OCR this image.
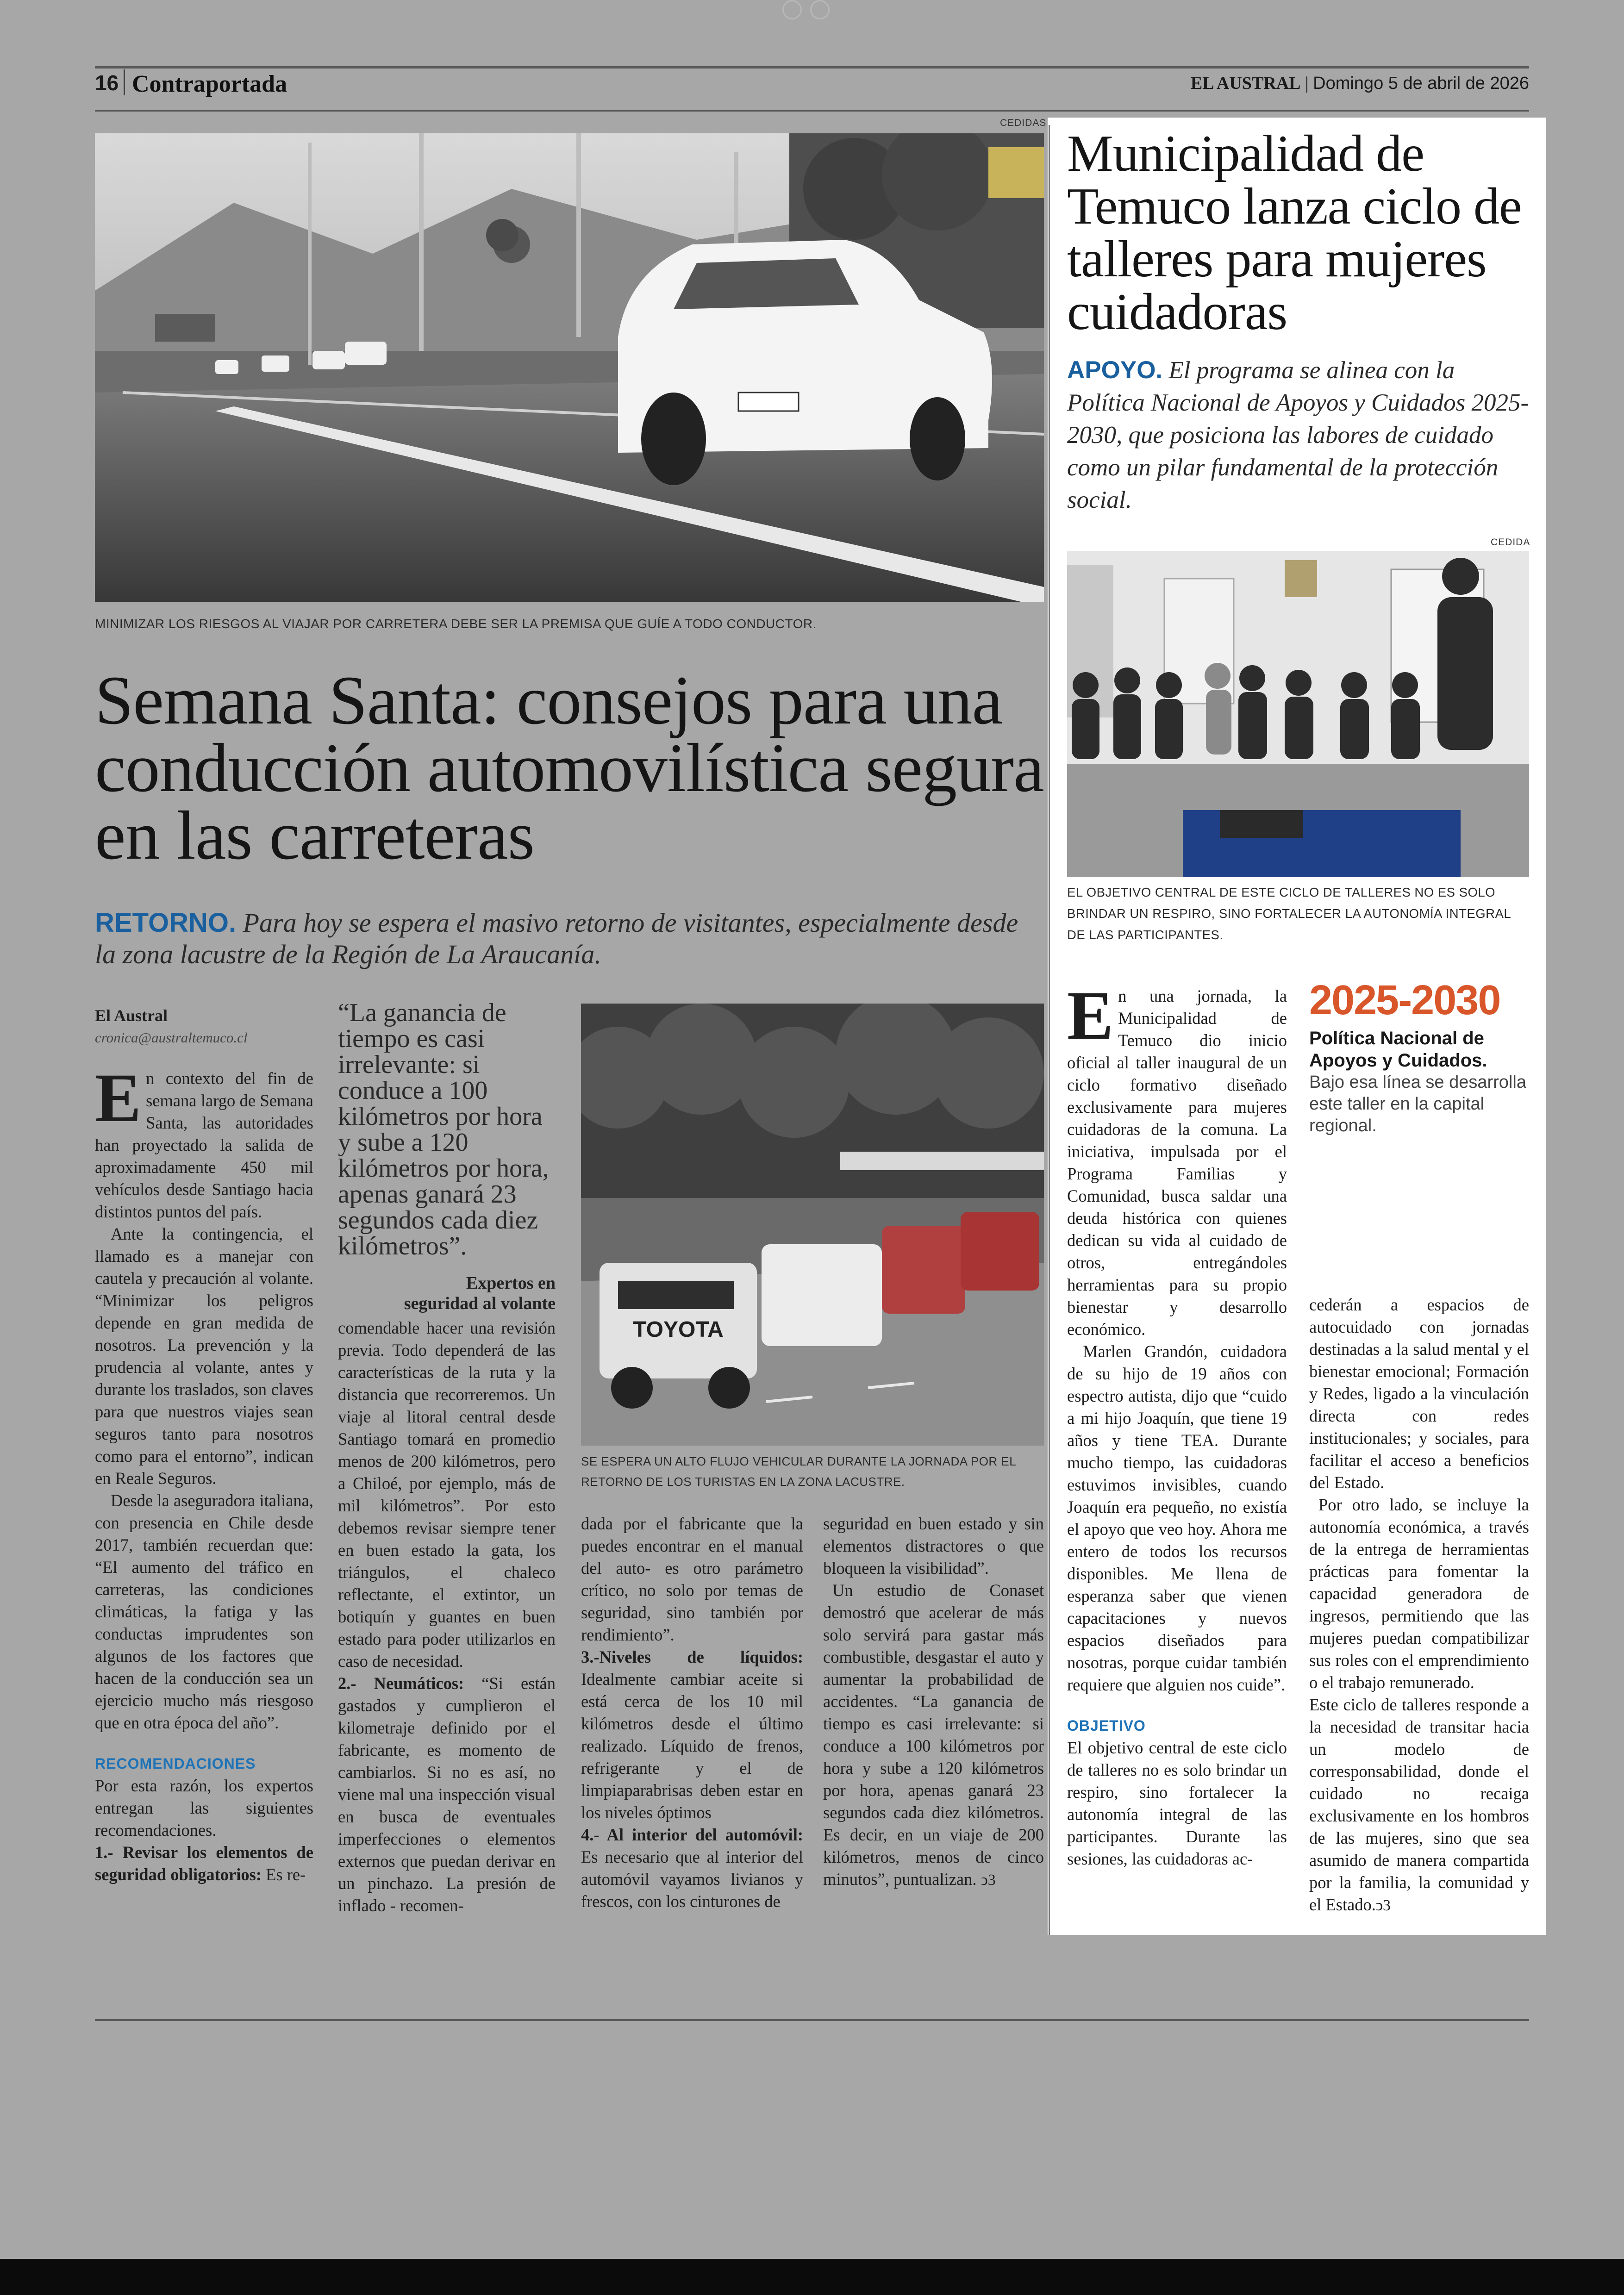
16 Contraportada	EL AUSTRAL | Domingo 5 de abril de 2026
CEDIDAS
MINIMIZAR LOS RIESGOS AL VIAJAR POR CARRETERA DEBE SER LA PREMISA QUE GUÍE A TODO CONDUCTOR.
Semana Santa: consejos para una conducción automovilística segura en las carreteras
RETORNO. Para hoy se espera el masivo retorno de visitantes, especialmente desde la zona lacustre de la Región de La Araucanía.

El Austral

cronica@australtemuco.cl

En contexto del fin de semana largo de Semana Santa, las autoridades han proyectado la salida de aproximadamente 450 mil vehículos desde Santiago hacia distintos puntos del país.

Ante la contingencia, el llamado es a manejar con cautela y precaución al volante. “Minimizar los peligros depende en gran medida de nosotros. La prevención y la prudencia al volante, antes y durante los traslados, son claves para que nuestros viajes sean seguros tanto para nosotros como para el entorno”, indican en Reale Seguros.

Desde la aseguradora italiana, con presencia en Chile desde 2017, también recuerdan que: “El aumento del tráfico en carreteras, las condiciones climáticas, la fatiga y las conductas imprudentes son algunos de los factores que hacen de la conducción sea un ejercicio mucho más riesgoso que en otra época del año”.

RECOMENDACIONES

Por esta razón, los expertos entregan las siguientes recomendaciones.

1.- Revisar los elementos de seguridad obligatorios: Es re-

“La ganancia de tiempo es casi irrelevante: si conduce a 100 kilómetros por hora y sube a 120 kilómetros por hora, apenas ganará 23 segundos cada diez kilómetros”.
Expertos en
seguridad al volante

comendable hacer una revisión previa. Todo dependerá de las características de la ruta y la distancia que recorreremos. Un viaje al litoral central desde Santiago tomará en promedio menos de 200 kilómetros, pero a Chiloé, por ejemplo, más de mil kilómetros”. Por esto debemos revisar siempre tener en buen estado la gata, los triángulos, el chaleco reflectante, el extintor, un botiquín y guantes en buen estado para poder utilizarlos en caso de necesidad.

2.- Neumáticos: “Si están gastados y cumplieron el kilometraje definido por el fabricante, es momento de cambiarlos. Si no es así, no viene mal una inspección visual en busca de eventuales imperfecciones o elementos externos que puedan derivar en un pinchazo. La presión de inflado - recomen-

TOYOTA
SE ESPERA UN ALTO FLUJO VEHICULAR DURANTE LA JORNADA POR EL RETORNO DE LOS TURISTAS EN LA ZONA LACUSTRE.

dada por el fabricante que la puedes encontrar en el manual del auto- es otro parámetro crítico, no solo por temas de seguridad, sino también por rendimiento”.

3.-Niveles de líquidos: Idealmente cambiar aceite si está cerca de los 10 mil kilómetros desde el último realizado. Líquido de frenos, refrigerante y el de limpiaparabrisas deben estar en los niveles óptimos

4.- Al interior del automóvil: Es necesario que al interior del automóvil vayamos livianos y frescos, con los cinturones de

seguridad en buen estado y sin elementos distractores o que bloqueen la visibilidad”.

Un estudio de Conaset demostró que acelerar de más solo servirá para gastar más combustible, desgastar el auto y aumentar la probabilidad de accidentes. “La ganancia de tiempo es casi irrelevante: si conduce a 100 kilómetros por hora y sube a 120 kilómetros por hora, apenas ganará 23 segundos cada diez kilómetros. Es decir, en un viaje de 200 kilómetros, menos de cinco minutos”, puntualizan. ↄ3

Municipalidad de Temuco lanza ciclo de talleres para mujeres cuidadoras
APOYO. El programa se alinea con la Política Nacional de Apoyos y Cuidados 2025-2030, que posiciona las labores de cuidado como un pilar fundamental de la protección social.
CEDIDA
EL OBJETIVO CENTRAL DE ESTE CICLO DE TALLERES NO ES SOLO BRINDAR UN RESPIRO, SINO FORTALECER LA AUTONOMÍA INTEGRAL DE LAS PARTICIPANTES.

En una jornada, la Municipalidad de Temuco dio inicio oficial al taller inaugural de un ciclo formativo diseñado exclusivamente para mujeres cuidadoras de la comuna. La iniciativa, impulsada por el Programa Familias y Comunidad, busca saldar una deuda histórica con quienes dedican su vida al cuidado de otros, entregándoles herramientas para su propio bienestar y desarrollo económico.

Marlen Grandón, cuidadora de su hijo de 19 años con espectro autista, dijo que “cuido a mi hijo Joaquín, que tiene 19 años y tiene TEA. Durante mucho tiempo, las cuidadoras estuvimos invisibles, cuando Joaquín era pequeño, no existía el apoyo que veo hoy. Ahora me entero de todos los recursos disponibles. Me llena de esperanza saber que vienen capacitaciones y nuevos espacios diseñados para nosotras, porque cuidar también requiere que alguien nos cuide”.

OBJETIVO

El objetivo central de este ciclo de talleres no es solo brindar un respiro, sino fortalecer la autonomía integral de las participantes. Durante las sesiones, las cuidadoras ac-

2025-2030
Política Nacional de Apoyos y Cuidados.
Bajo esa línea se desarrolla este taller en la capital regional.

cederán a espacios de autocuidado con jornadas destinadas a la salud mental y el bienestar emocional; Formación y Redes, ligado a la vinculación directa con redes institucionales; y sociales, para facilitar el acceso a beneficios del Estado.

Por otro lado, se incluye la autonomía económica, a través de la entrega de herramientas prácticas para fomentar la capacidad generadora de ingresos, permitiendo que las mujeres puedan compatibilizar sus roles con el emprendimiento o el trabajo remunerado.

Este ciclo de talleres responde a la necesidad de transitar hacia un modelo de corresponsabilidad, donde el cuidado no recaiga exclusivamente en los hombros de las mujeres, sino que sea asumido de manera compartida por la familia, la comunidad y el Estado.ↄ3
